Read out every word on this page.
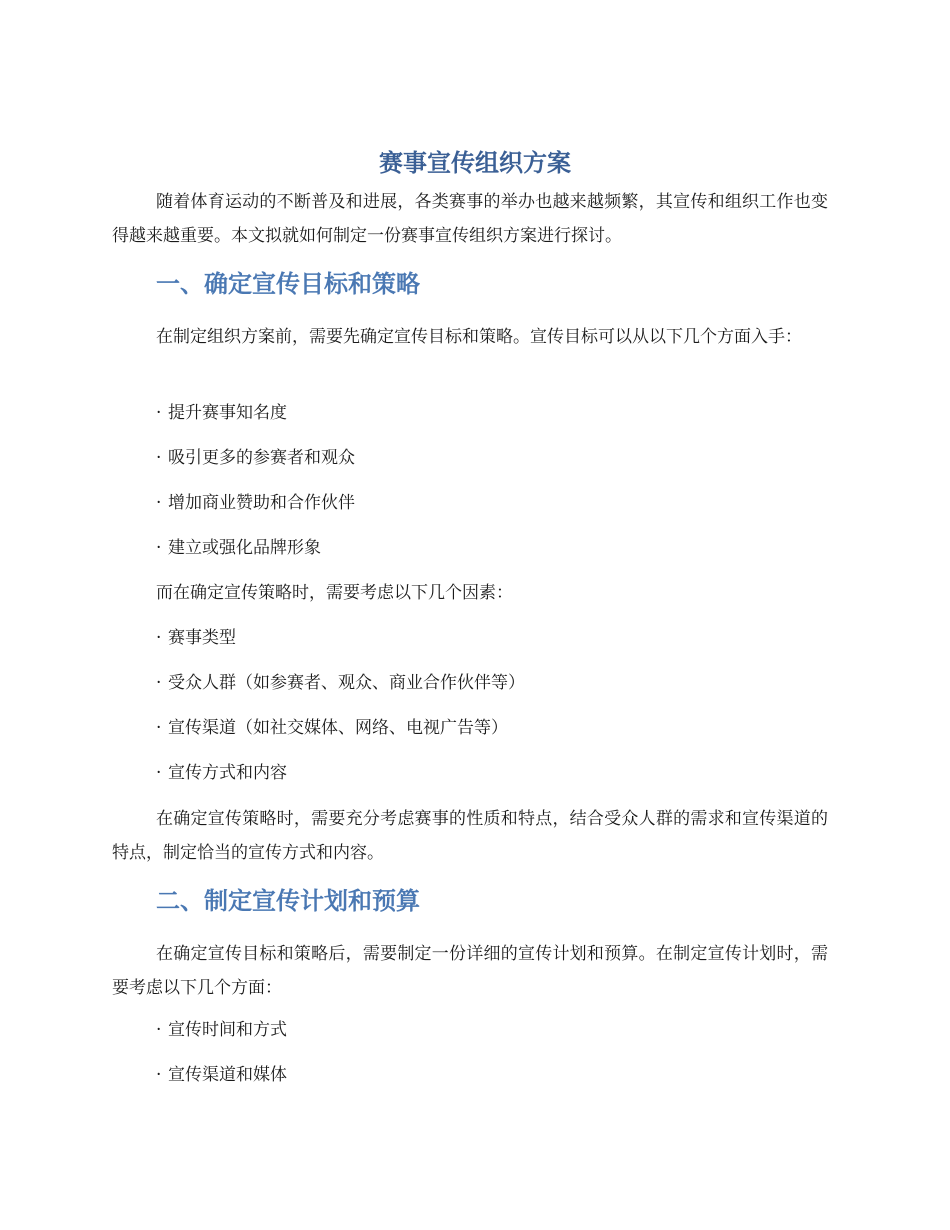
赛事宣传组织方案
随着体育运动的不断普及和进展，各类赛事的举办也越来越频繁，其宣传和组织工作也变得越来越重要。本文拟就如何制定一份赛事宣传组织方案进行探讨。
一、确定宣传目标和策略
在制定组织方案前，需要先确定宣传目标和策略。宣传目标可以从以下几个方面入手：
· 提升赛事知名度
· 吸引更多的参赛者和观众
· 增加商业赞助和合作伙伴
· 建立或强化品牌形象
而在确定宣传策略时，需要考虑以下几个因素：
· 赛事类型
· 受众人群（如参赛者、观众、商业合作伙伴等）
· 宣传渠道（如社交媒体、网络、电视广告等）
· 宣传方式和内容
在确定宣传策略时，需要充分考虑赛事的性质和特点，结合受众人群的需求和宣传渠道的特点，制定恰当的宣传方式和内容。
二、制定宣传计划和预算
在确定宣传目标和策略后，需要制定一份详细的宣传计划和预算。在制定宣传计划时，需要考虑以下几个方面：
· 宣传时间和方式
· 宣传渠道和媒体
